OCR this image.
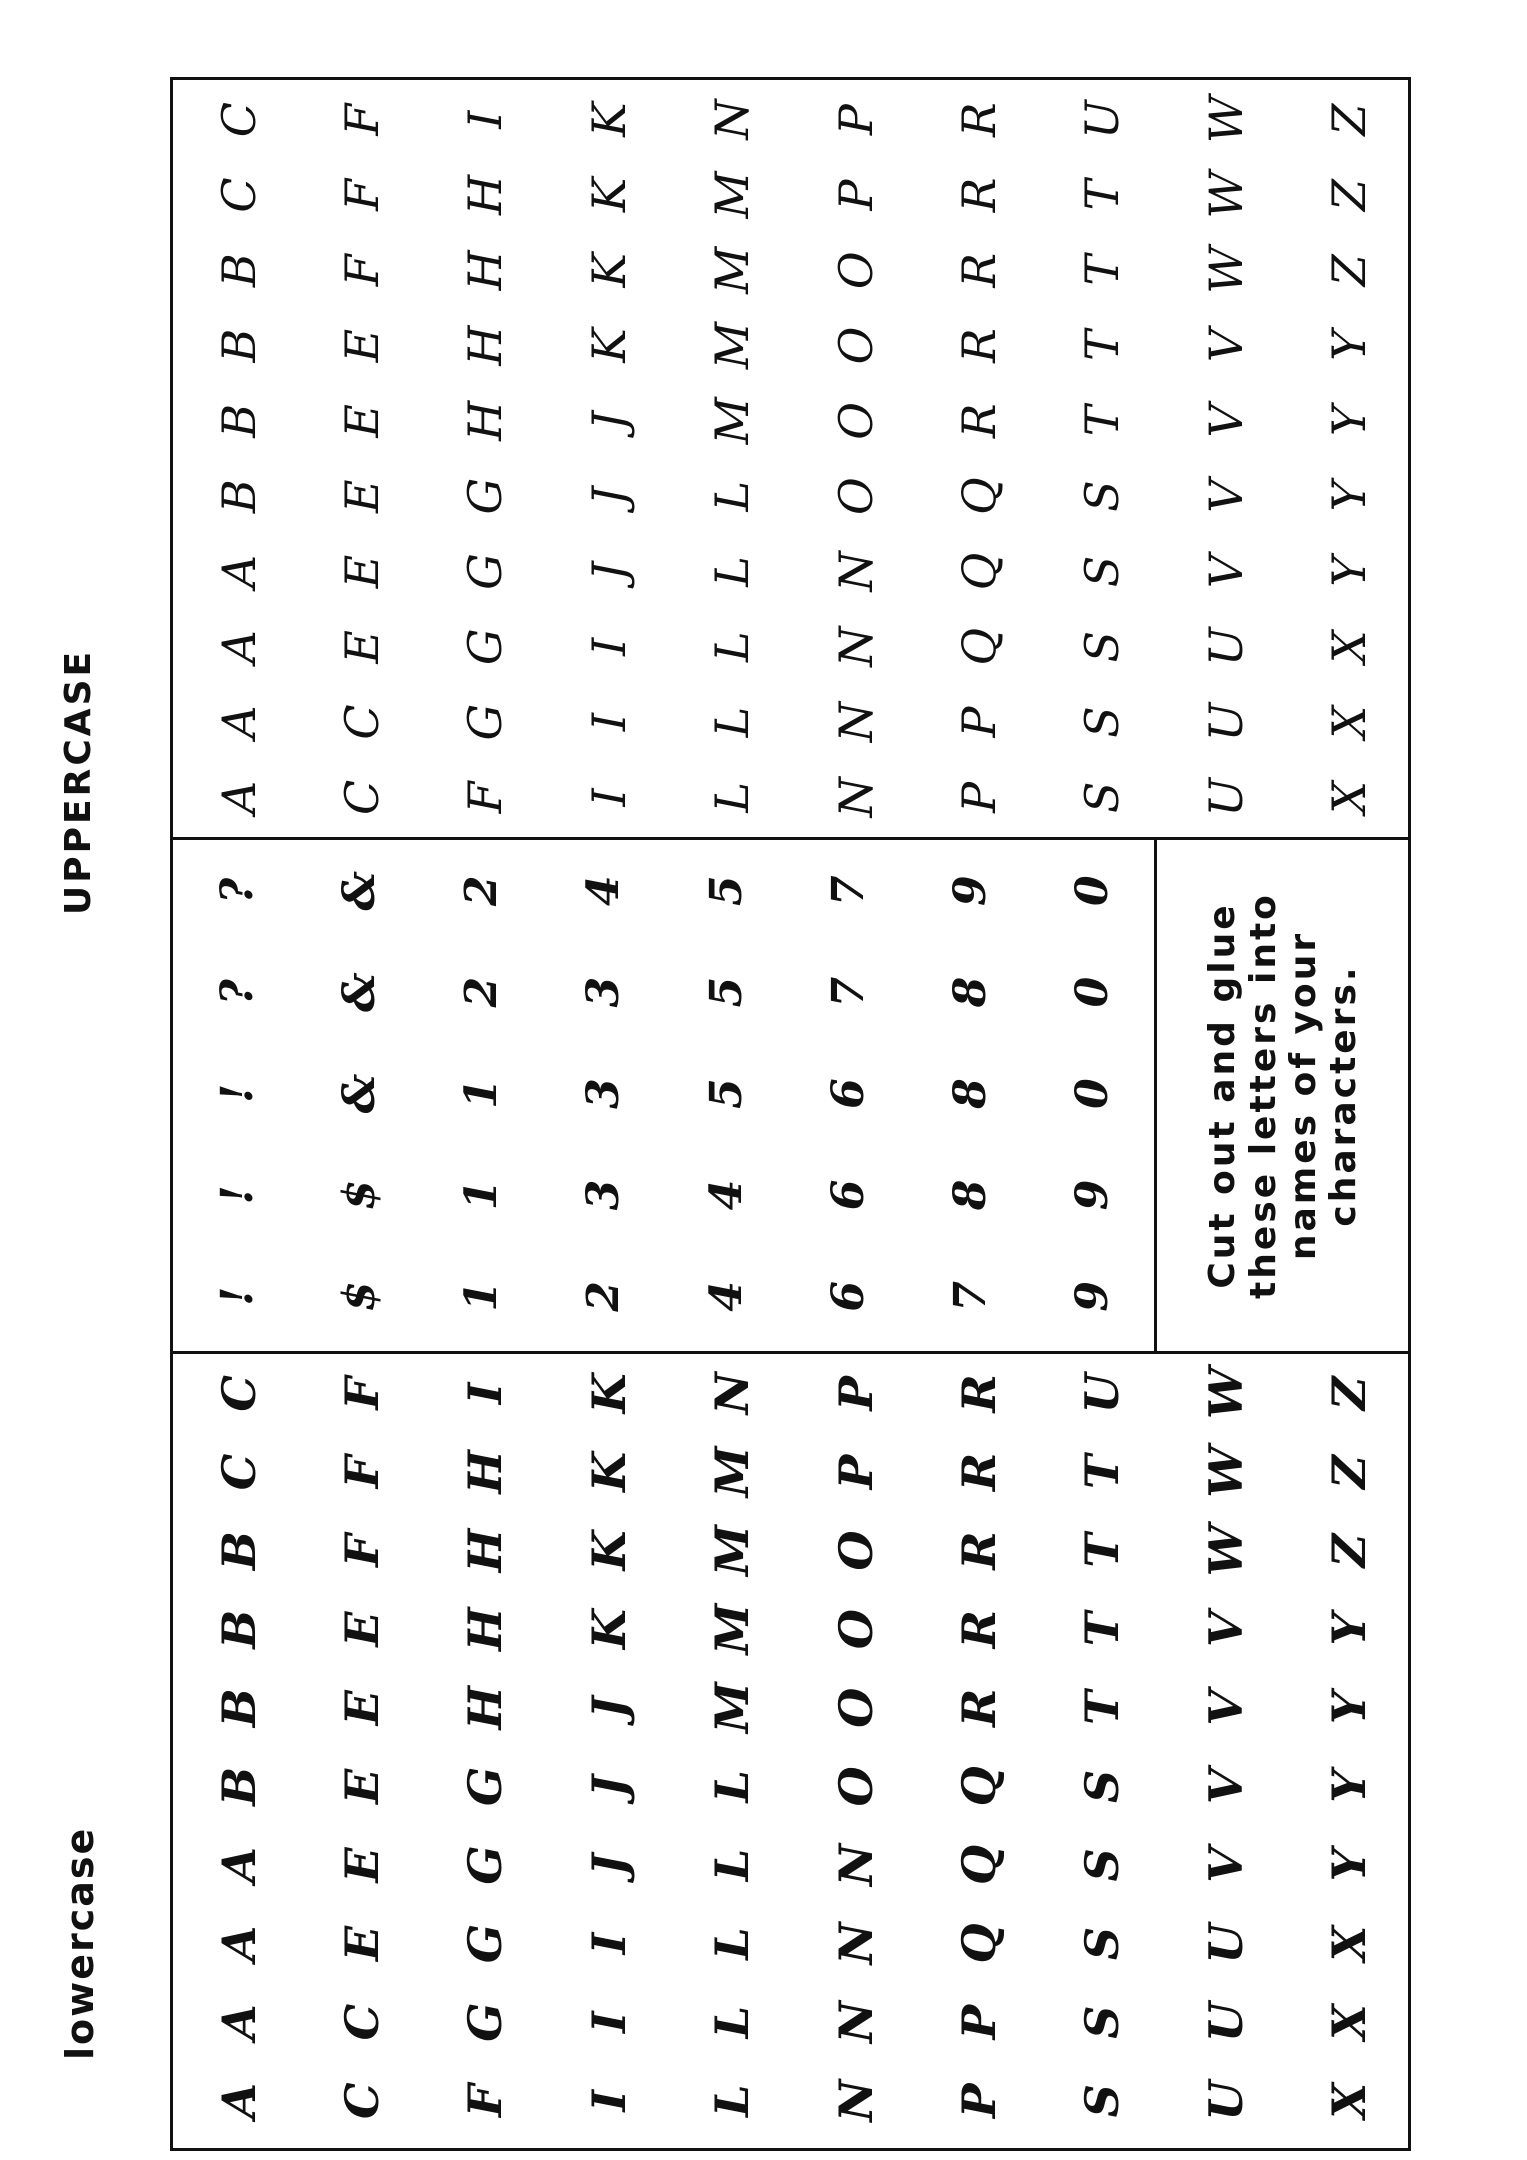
lowercase
UPPERCASE
A
A
A
A
B
B
B
B
C
C
C
C
E
E
E
E
E
F
F
F
F
G
G
G
G
H
H
H
H
I
I
I
I
J
J
J
K
K
K
K
L
L
L
L
L
M
M
M
M
N
N
N
N
N
O
O
O
O
P
P
P
P
Q
Q
Q
R
R
R
R
R
S
S
S
S
S
T
T
T
T
U
U
U
U
V
V
V
V
W
W
W
X
X
X
Y
Y
Y
Y
Z
Z
Z
!
!
!
?
?
$
$
&
&
&
1
1
1
2
2
2
3
3
3
4
4
4
5
5
5
6
6
6
7
7
7
8
8
8
9
9
9
0
0
0
Cut out and glue these letters into names of your characters.
A
A
A
A
B
B
B
B
C
C
C
C
E
E
E
E
E
F
F
F
F
G
G
G
G
H
H
H
H
I
I
I
I
J
J
J
K
K
K
K
L
L
L
L
L
M
M
M
M
N
N
N
N
N
O
O
O
O
P
P
P
P
Q
Q
Q
R
R
R
R
R
S
S
S
S
S
T
T
T
T
U
U
U
U
V
V
V
V
W
W
W
X
X
X
Y
Y
Y
Y
Z
Z
Z
